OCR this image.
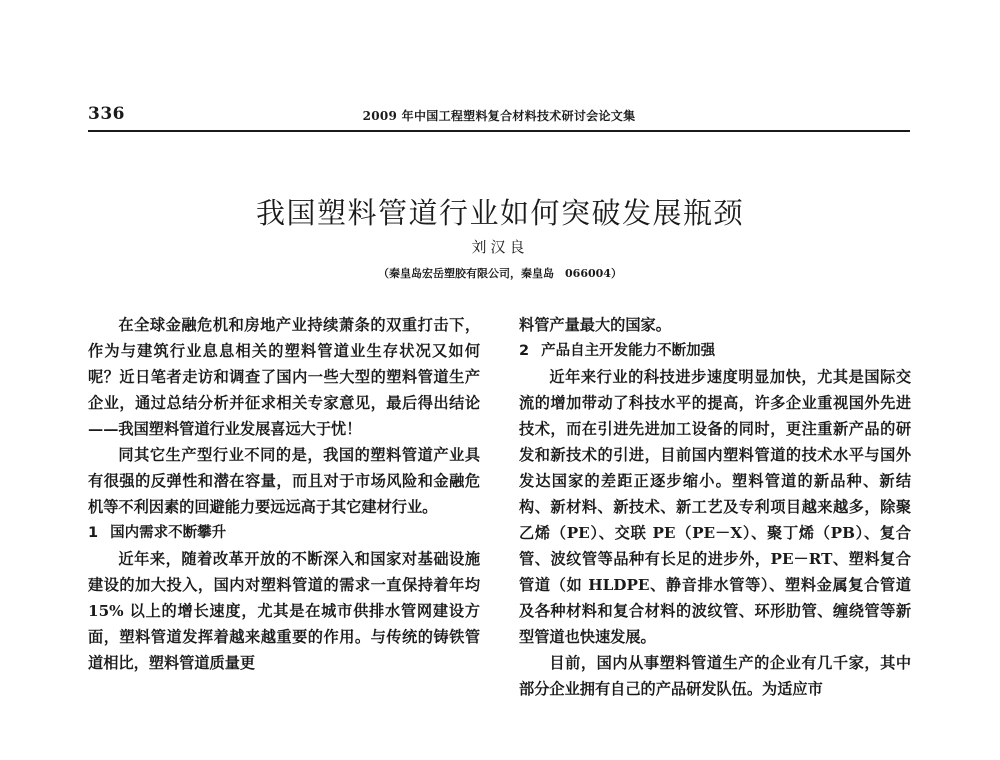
336	2009 年中国工程塑料复合材料技术研讨会论文集
我国塑料管道行业如何突破发展瓶颈
刘汉良
（秦皇岛宏岳塑胶有限公司，秦皇岛　066004）

在全球金融危机和房地产业持续萧条的双重打击下，作为与建筑行业息息相关的塑料管道业生存状况又如何呢？近日笔者走访和调查了国内一些大型的塑料管道生产企业，通过总结分析并征求相关专家意见，最后得出结论——我国塑料管道行业发展喜远大于忧！

同其它生产型行业不同的是，我国的塑料管道产业具有很强的反弹性和潜在容量，而且对于市场风险和金融危机等不利因素的回避能力要远远高于其它建材行业。

1 国内需求不断攀升

近年来，随着改革开放的不断深入和国家对基础设施建设的加大投入，国内对塑料管道的需求一直保持着年均 15% 以上的增长速度，尤其是在城市供排水管网建设方面，塑料管道发挥着越来越重要的作用。与传统的铸铁管道相比，塑料管道质量更

料管产量最大的国家。

2 产品自主开发能力不断加强

近年来行业的科技进步速度明显加快，尤其是国际交流的增加带动了科技水平的提高，许多企业重视国外先进技术，而在引进先进加工设备的同时，更注重新产品的研发和新技术的引进，目前国内塑料管道的技术水平与国外发达国家的差距正逐步缩小。塑料管道的新品种、新结构、新材料、新技术、新工艺及专利项目越来越多，除聚乙烯（PE）、交联 PE（PE－X）、聚丁烯（PB）、复合管、波纹管等品种有长足的进步外，PE－RT、塑料复合管道（如 HLDPE、静音排水管等）、塑料金属复合管道及各种材料和复合材料的波纹管、环形肋管、缠绕管等新型管道也快速发展。

目前，国内从事塑料管道生产的企业有几千家，其中部分企业拥有自己的产品研发队伍。为适应市
